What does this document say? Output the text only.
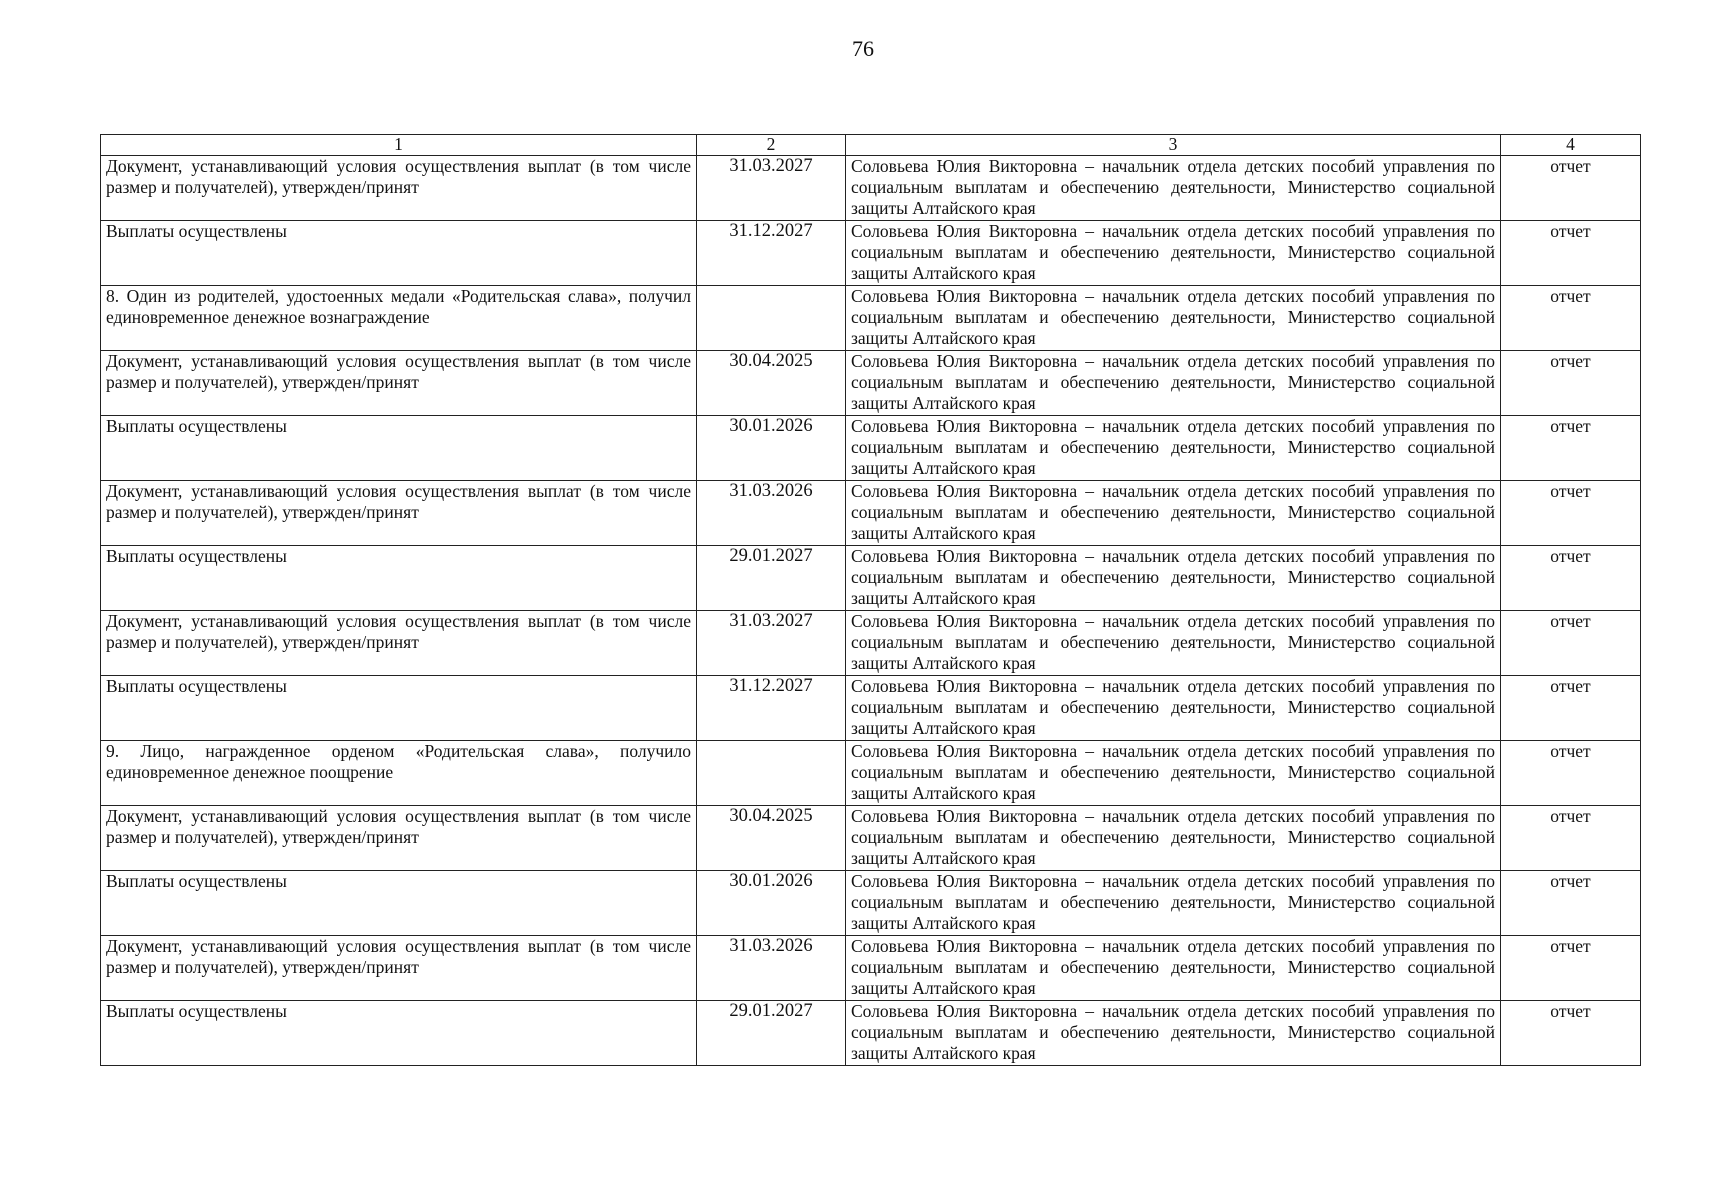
76
1	2	3	4
Документ, устанавливающий условия осуществления выплат (в том числе размер и получателей), утвержден/принят	31.03.2027	Соловьева Юлия Викторовна – начальник отдела детских пособий управления по социальным выплатам и обеспечению деятельности, Министерство социальной защиты Алтайского края	отчет
Выплаты осуществлены	31.12.2027	Соловьева Юлия Викторовна – начальник отдела детских пособий управления по социальным выплатам и обеспечению деятельности, Министерство социальной защиты Алтайского края	отчет
8. Один из родителей, удостоенных медали «Родительская слава», получил единовременное денежное вознаграждение		Соловьева Юлия Викторовна – начальник отдела детских пособий управления по социальным выплатам и обеспечению деятельности, Министерство социальной защиты Алтайского края	отчет
Документ, устанавливающий условия осуществления выплат (в том числе размер и получателей), утвержден/принят	30.04.2025	Соловьева Юлия Викторовна – начальник отдела детских пособий управления по социальным выплатам и обеспечению деятельности, Министерство социальной защиты Алтайского края	отчет
Выплаты осуществлены	30.01.2026	Соловьева Юлия Викторовна – начальник отдела детских пособий управления по социальным выплатам и обеспечению деятельности, Министерство социальной защиты Алтайского края	отчет
Документ, устанавливающий условия осуществления выплат (в том числе размер и получателей), утвержден/принят	31.03.2026	Соловьева Юлия Викторовна – начальник отдела детских пособий управления по социальным выплатам и обеспечению деятельности, Министерство социальной защиты Алтайского края	отчет
Выплаты осуществлены	29.01.2027	Соловьева Юлия Викторовна – начальник отдела детских пособий управления по социальным выплатам и обеспечению деятельности, Министерство социальной защиты Алтайского края	отчет
Документ, устанавливающий условия осуществления выплат (в том числе размер и получателей), утвержден/принят	31.03.2027	Соловьева Юлия Викторовна – начальник отдела детских пособий управления по социальным выплатам и обеспечению деятельности, Министерство социальной защиты Алтайского края	отчет
Выплаты осуществлены	31.12.2027	Соловьева Юлия Викторовна – начальник отдела детских пособий управления по социальным выплатам и обеспечению деятельности, Министерство социальной защиты Алтайского края	отчет
9. Лицо, награжденное орденом «Родительская слава», получило единовременное денежное поощрение		Соловьева Юлия Викторовна – начальник отдела детских пособий управления по социальным выплатам и обеспечению деятельности, Министерство социальной защиты Алтайского края	отчет
Документ, устанавливающий условия осуществления выплат (в том числе размер и получателей), утвержден/принят	30.04.2025	Соловьева Юлия Викторовна – начальник отдела детских пособий управления по социальным выплатам и обеспечению деятельности, Министерство социальной защиты Алтайского края	отчет
Выплаты осуществлены	30.01.2026	Соловьева Юлия Викторовна – начальник отдела детских пособий управления по социальным выплатам и обеспечению деятельности, Министерство социальной защиты Алтайского края	отчет
Документ, устанавливающий условия осуществления выплат (в том числе размер и получателей), утвержден/принят	31.03.2026	Соловьева Юлия Викторовна – начальник отдела детских пособий управления по социальным выплатам и обеспечению деятельности, Министерство социальной защиты Алтайского края	отчет
Выплаты осуществлены	29.01.2027	Соловьева Юлия Викторовна – начальник отдела детских пособий управления по социальным выплатам и обеспечению деятельности, Министерство социальной защиты Алтайского края	отчет
